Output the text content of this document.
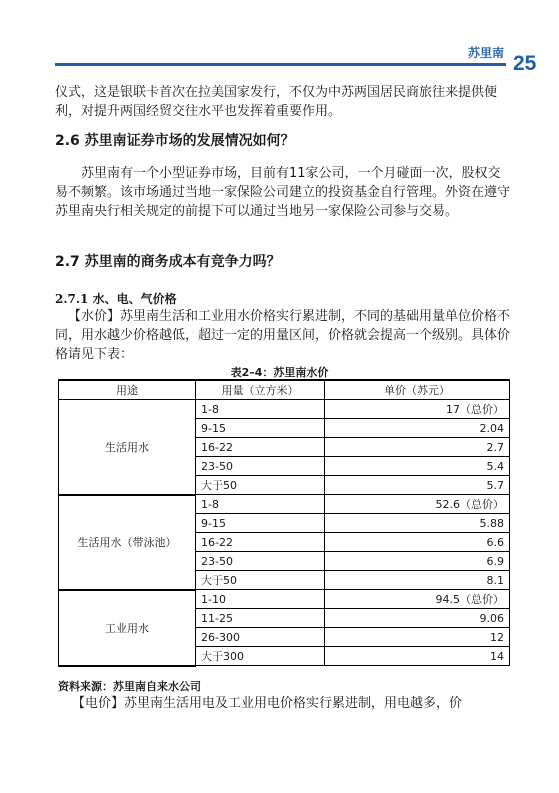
苏里南 25

仪式，这是银联卡首次在拉美国家发行，不仅为中苏两国居民商旅往来提供便利，对提升两国经贸交往水平也发挥着重要作用。

2.6 苏里南证券市场的发展情况如何？

苏里南有一个小型证券市场，目前有11家公司，一个月碰面一次，股权交易不频繁。该市场通过当地一家保险公司建立的投资基金自行管理。外资在遵守苏里南央行相关规定的前提下可以通过当地另一家保险公司参与交易。

2.7 苏里南的商务成本有竞争力吗？
2.7.1 水、电、气价格

【水价】苏里南生活和工业用水价格实行累进制，不同的基础用量单位价格不同，用水越少价格越低，超过一定的用量区间，价格就会提高一个级别。具体价格请见下表：

表2–4：苏里南水价
用途	用量（立方米）	单价（苏元）
生活用水	1-8	17（总价）
	9-15	2.04
	16-22	2.7
	23-50	5.4
	大于50	5.7
生活用水（带泳池）	1-8	52.6（总价）
	9-15	5.88
	16-22	6.6
	23-50	6.9
	大于50	8.1
工业用水	1-10	94.5（总价）
	11-25	9.06
	26-300	12
	大于300	14
资料来源：苏里南自来水公司

【电价】苏里南生活用电及工业用电价格实行累进制，用电越多，价
